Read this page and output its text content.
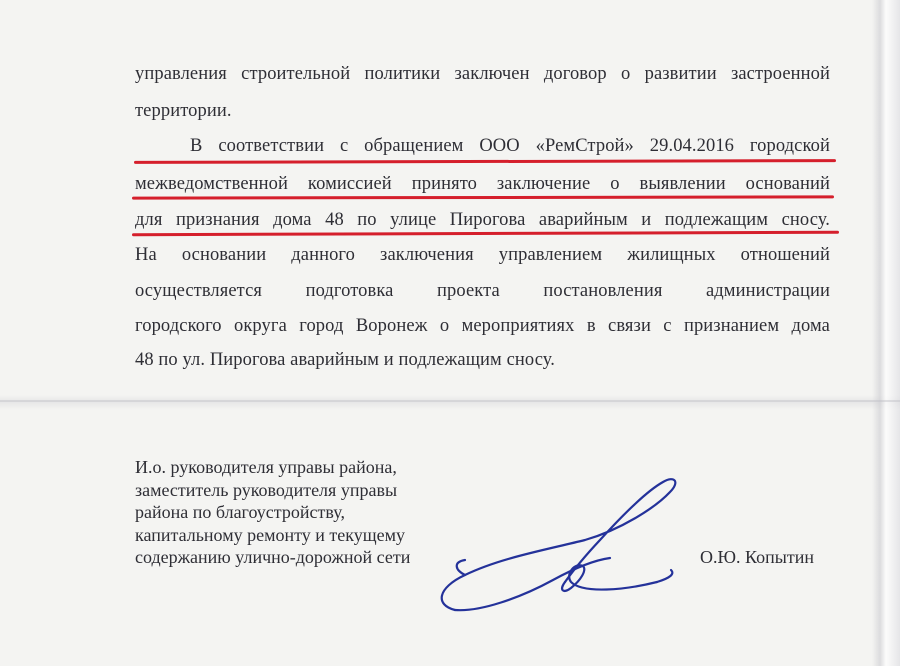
управления строительной политики заключен договор о развитии застроенной
территории.
В соответствии с обращением ООО «РемСтрой» 29.04.2016 городской
межведомственной комиссией принято заключение о выявлении оснований
для признания дома 48 по улице Пирогова аварийным и подлежащим сносу.
На основании данного заключения управлением жилищных отношений
осуществляется подготовка проекта постановления администрации
городского округа город Воронеж о мероприятиях в связи с признанием дома
48 по ул. Пирогова аварийным и подлежащим сносу.
И.о. руководителя управы района,
заместитель руководителя управы
района по благоустройству,
капитальному ремонту и текущему
содержанию улично-дорожной сети	О.Ю. Копытин
